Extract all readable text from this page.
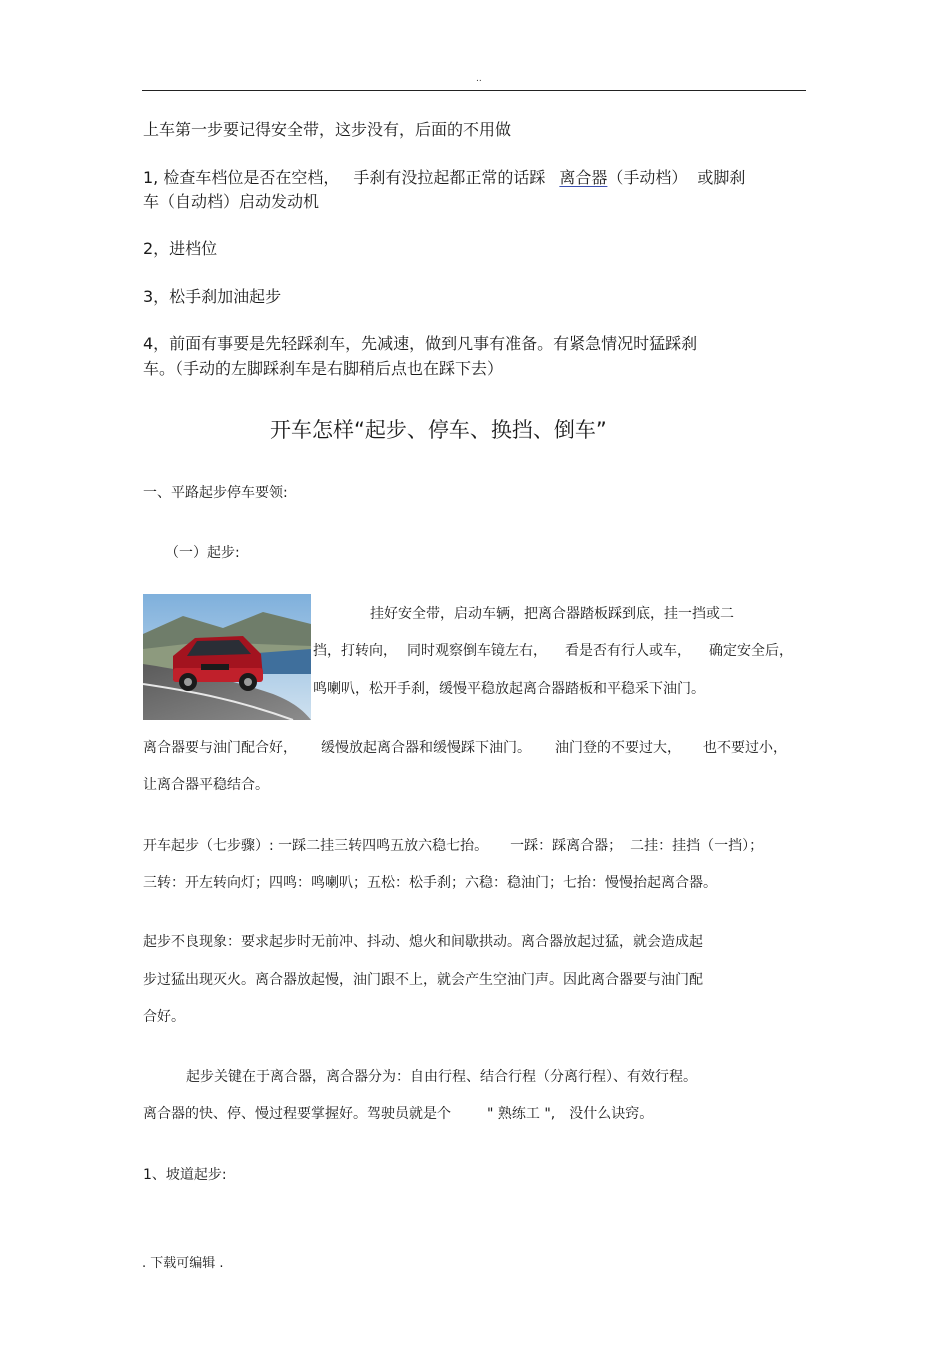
..
上车第一步要记得安全带，这步没有，后面的不用做
1, 检查车档位是否在空档， 手刹有没拉起都正常的话踩 离合器（手动档） 或脚刹
车（自动档）启动发动机
2，进档位
3，松手刹加油起步
4，前面有事要是先轻踩刹车，先减速，做到凡事有准备。有紧急情况时猛踩刹
车。（手动的左脚踩刹车是右脚稍后点也在踩下去）
开车怎样“起步、停车、换挡、倒车”
一、平路起步停车要领:
（一）起步:
挂好安全带，启动车辆，把离合器踏板踩到底，挂一挡或二
挡，打转向， 同时观察倒车镜左右， 看是否有行人或车， 确定安全后，
鸣喇叭，松开手刹，缓慢平稳放起离合器踏板和平稳采下油门。
离合器要与油门配合好， 缓慢放起离合器和缓慢踩下油门。 油门登的不要过大， 也不要过小，
让离合器平稳结合。
开车起步（七步骤）: 一踩二挂三转四鸣五放六稳七抬。 一踩：踩离合器； 二挂：挂挡（一挡）；
三转：开左转向灯；四鸣：鸣喇叭；五松：松手刹；六稳：稳油门；七抬：慢慢抬起离合器。
起步不良现象：要求起步时无前冲、抖动、熄火和间歇拱动。离合器放起过猛，就会造成起
步过猛出现灭火。离合器放起慢，油门跟不上，就会产生空油门声。因此离合器要与油门配
合好。
起步关键在于离合器，离合器分为：自由行程、结合行程（分离行程）、有效行程。
离合器的快、停、慢过程要掌握好。驾驶员就是个	" 熟练工 ", 没什么诀窍。
1、坡道起步:
. 下载可编辑 .
